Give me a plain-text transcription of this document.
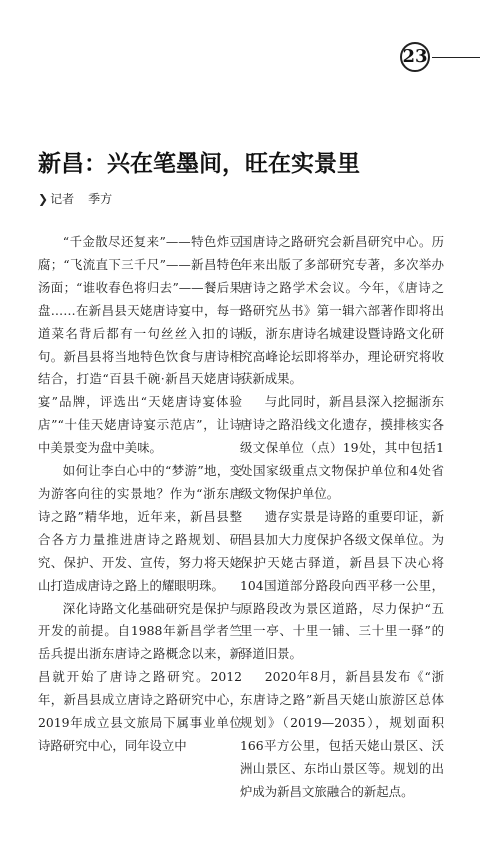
23
新昌：兴在笔墨间，旺在实景里
❯ 记者 季方

“千金散尽还复来”——特色炸豆腐；“飞流直下三千尺”——新昌特色汤面；“谁收春色将归去”——餐后果盘……在新昌县天姥唐诗宴中，每一道菜名背后都有一句丝丝入扣的诗句。新昌县将当地特色饮食与唐诗相结合，打造“百县千碗·新昌天姥唐诗宴”品牌，评选出“天姥唐诗宴体验店”“十佳天姥唐诗宴示范店”，让诗中美景变为盘中美味。

如何让李白心中的“梦游”地，变为游客向往的实景地？作为“浙东唐诗之路”精华地，近年来，新昌县整合各方力量推进唐诗之路规划、研究、保护、开发、宣传，努力将天姥山打造成唐诗之路上的耀眼明珠。

深化诗路文化基础研究是保护与开发的前提。自1988年新昌学者竺岳兵提出浙东唐诗之路概念以来，新昌就开始了唐诗之路研究。2012年，新昌县成立唐诗之路研究中心，2019年成立县文旅局下属事业单位诗路研究中心，同年设立中

国唐诗之路研究会新昌研究中心。历年来出版了多部研究专著，多次举办唐诗之路学术会议。今年，《唐诗之路研究丛书》第一辑六部著作即将出版，浙东唐诗名城建设暨诗路文化研究高峰论坛即将举办，理论研究将收获新成果。

与此同时，新昌县深入挖掘浙东唐诗之路沿线文化遗存，摸排核实各级文保单位（点）19处，其中包括1处国家级重点文物保护单位和4处省级文物保护单位。

遗存实景是诗路的重要印证，新昌县加大力度保护各级文保单位。为保护天姥古驿道，新昌县下决心将104国道部分路段向西平移一公里，原路段改为景区道路，尽力保护“五里一亭、十里一铺、三十里一驿”的驿道旧景。

2020年8月，新昌县发布《“浙东唐诗之路”新昌天姥山旅游区总体规划》（2019—2035），规划面积166平方公里，包括天姥山景区、沃洲山景区、东岇山景区等。规划的出炉成为新昌文旅融合的新起点。
